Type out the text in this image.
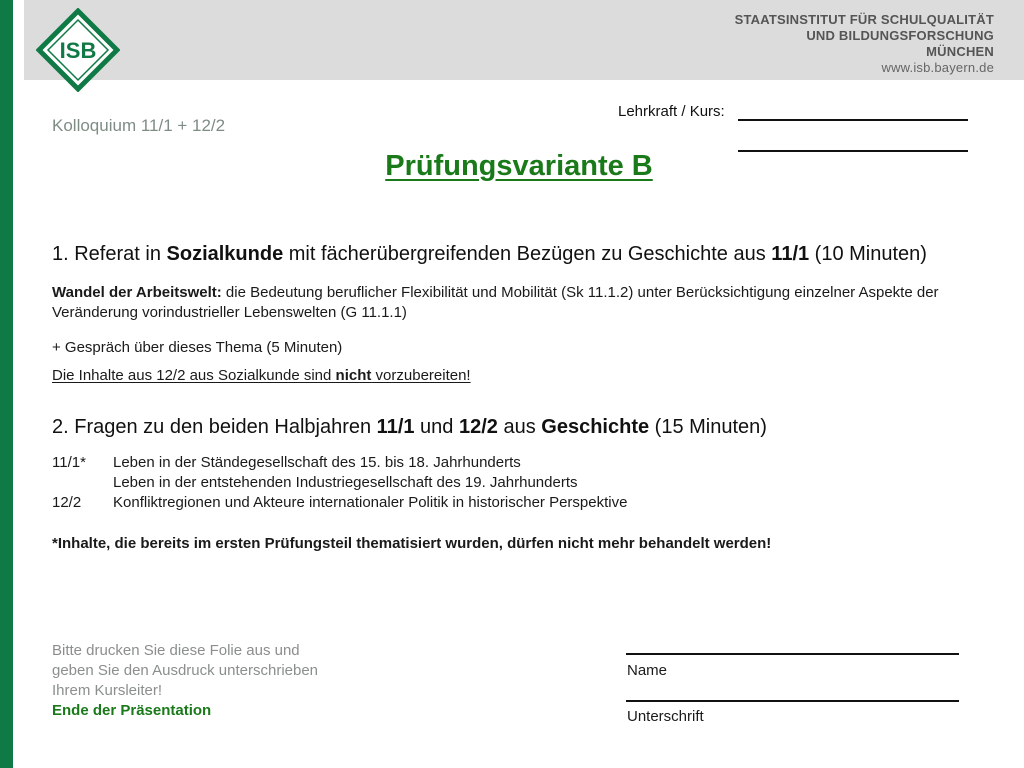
ISB
STAATSINSTITUT FÜR SCHULQUALITÄT
UND BILDUNGSFORSCHUNG
MÜNCHEN
www.isb.bayern.de
Kolloquium 11/1 + 12/2
Lehrkraft / Kurs:
Prüfungsvariante B
1. Referat in Sozialkunde mit fächerübergreifenden Bezügen zu Geschichte aus 11/1 (10 Minuten)
Wandel der Arbeitswelt: die Bedeutung beruflicher Flexibilität und Mobilität (Sk 11.1.2) unter Berücksichtigung einzelner Aspekte der Veränderung vorindustrieller Lebenswelten (G 11.1.1)
+ Gespräch über dieses Thema (5 Minuten)
Die Inhalte aus 12/2 aus Sozialkunde sind nicht vorzubereiten!
2. Fragen zu den beiden Halbjahren 11/1 und 12/2 aus Geschichte (15 Minuten)
11/1* Leben in der Ständegesellschaft des 15. bis 18. Jahrhunderts
Leben in der entstehenden Industriegesellschaft des 19. Jahrhunderts
12/2 Konfliktregionen und Akteure internationaler Politik in historischer Perspektive
*Inhalte, die bereits im ersten Prüfungsteil thematisiert wurden, dürfen nicht mehr behandelt werden!
Bitte drucken Sie diese Folie aus und geben Sie den Ausdruck unterschrieben Ihrem Kursleiter!
Ende der Präsentation
Name
Unterschrift
